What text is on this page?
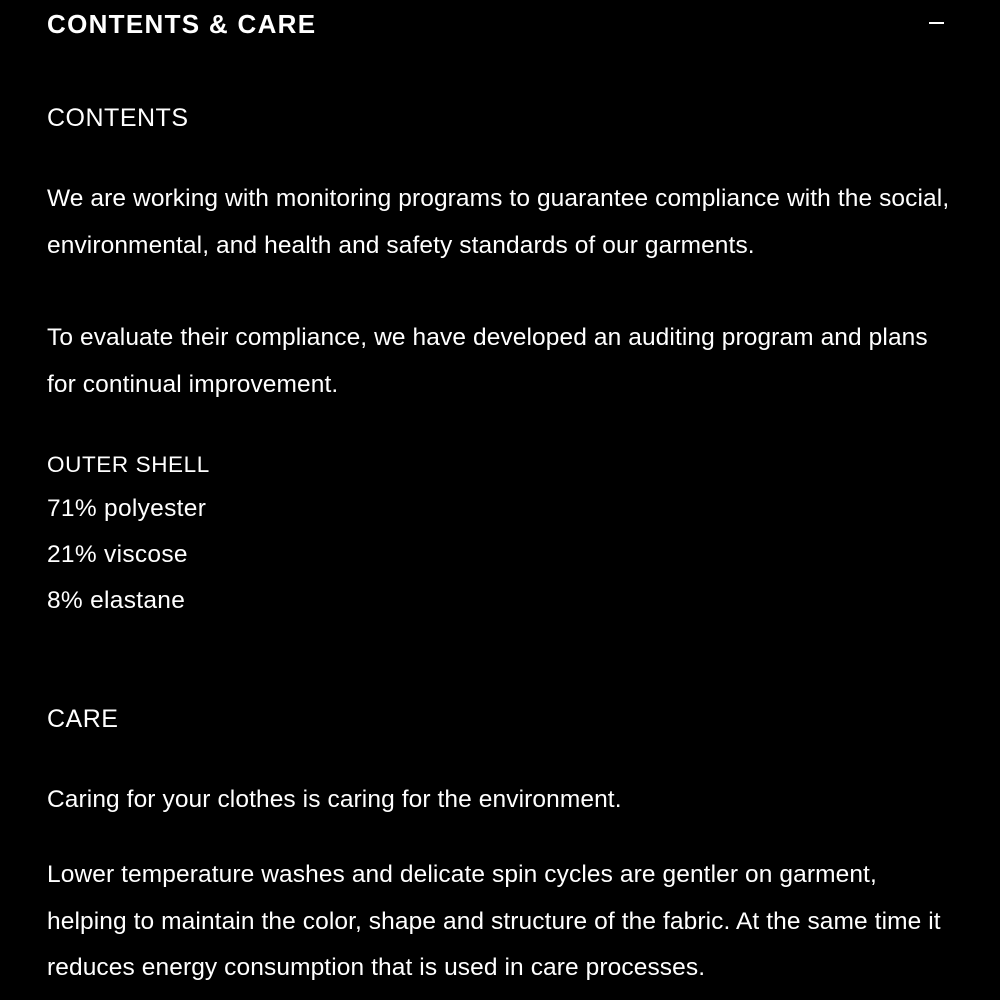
CONTENTS & CARE
CONTENTS
We are working with monitoring programs to guarantee compliance with the social, environmental, and health and safety standards of our garments.
To evaluate their compliance, we have developed an auditing program and plans for continual improvement.
OUTER SHELL
71% polyester
21% viscose
8% elastane
CARE
Caring for your clothes is caring for the environment.
Lower temperature washes and delicate spin cycles are gentler on garment, helping to maintain the color, shape and structure of the fabric. At the same time it reduces energy consumption that is used in care processes.
